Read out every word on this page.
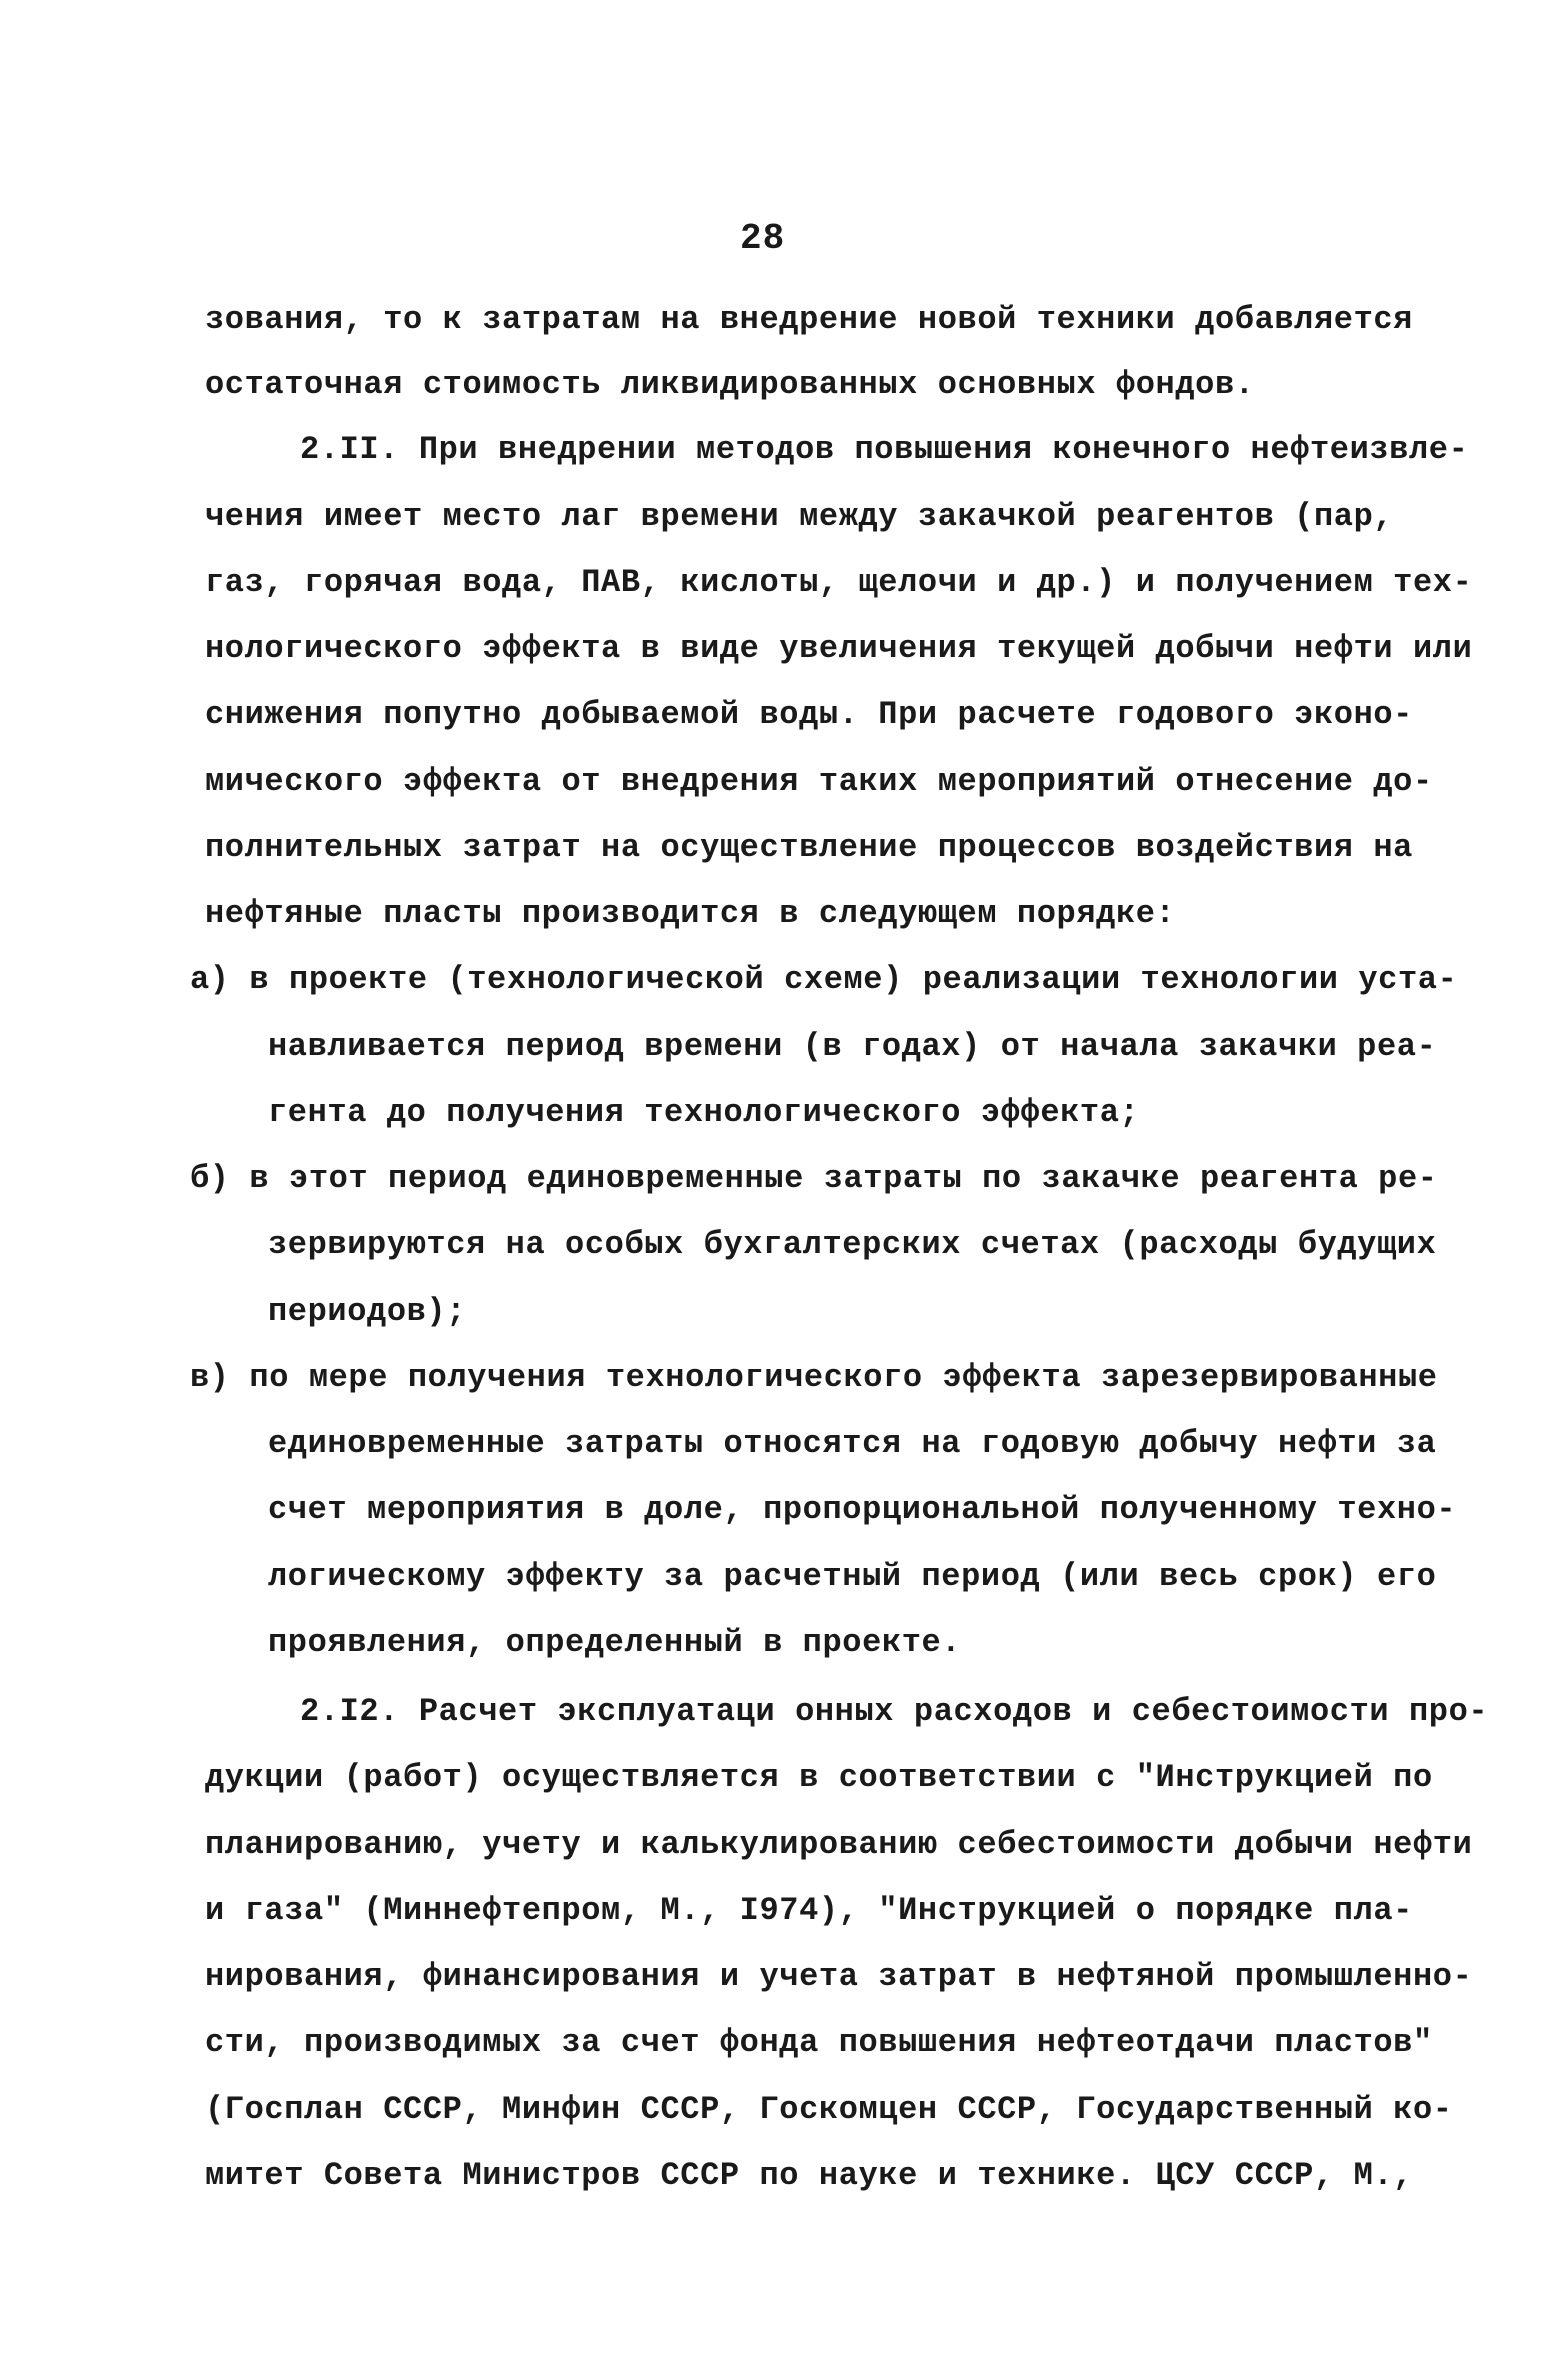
28
зования, то к затратам на внедрение новой техники добавляется
остаточная стоимость ликвидированных основных фондов.
2.II. При внедрении методов повышения конечного нефтеизвле-
чения имеет место лаг времени между закачкой реагентов (пар,
газ, горячая вода, ПАВ, кислоты, щелочи и др.) и получением тех-
нологического эффекта в виде увеличения текущей добычи нефти или
снижения попутно добываемой воды. При расчете годового эконо-
мического эффекта от внедрения таких мероприятий отнесение до-
полнительных затрат на осуществление процессов воздействия на
нефтяные пласты производится в следующем порядке:
а) в проекте (технологической схеме) реализации технологии уста-
навливается период времени (в годах) от начала закачки реа-
гента до получения технологического эффекта;
б) в этот период единовременные затраты по закачке реагента ре-
зервируются на особых бухгалтерских счетах (расходы будущих
периодов);
в) по мере получения технологического эффекта зарезервированные
единовременные затраты относятся на годовую добычу нефти за
счет мероприятия в доле, пропорциональной полученному техно-
логическому эффекту за расчетный период (или весь срок) его
проявления, определенный в проекте.
2.I2. Расчет эксплуатаци онных расходов и себестоимости про-
дукции (работ) осуществляется в соответствии с "Инструкцией по
планированию, учету и калькулированию себестоимости добычи нефти
и газа" (Миннефтепром, М., I974), "Инструкцией о порядке пла-
нирования, финансирования и учета затрат в нефтяной промышленно-
сти, производимых за счет фонда повышения нефтеотдачи пластов"
(Госплан СССР, Минфин СССР, Госкомцен СССР, Государственный ко-
митет Совета Министров СССР по науке и технике. ЦСУ СССР, М.,
